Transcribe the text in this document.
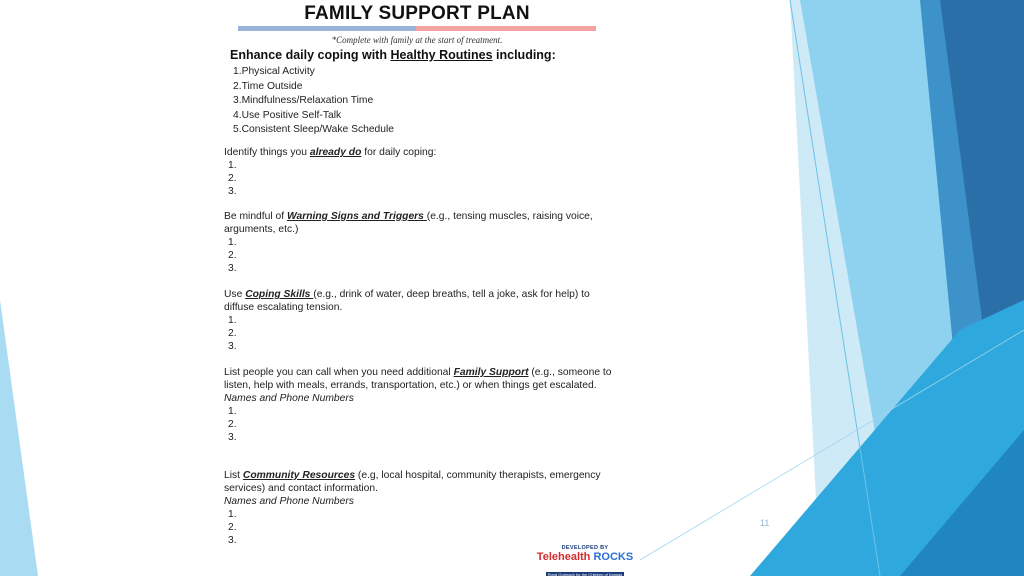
FAMILY SUPPORT PLAN
*Complete with family at the start of treatment.
Enhance daily coping with Healthy Routines including:
1.Physical Activity
2.Time Outside
3.Mindfulness/Relaxation Time
4.Use Positive Self-Talk
5.Consistent Sleep/Wake Schedule
Identify things you already do for daily coping:
1.
2.
3.
Be mindful of Warning Signs and Triggers (e.g., tensing muscles, raising voice, arguments, etc.)
1.
2.
3.
Use Coping Skills (e.g., drink of water, deep breaths, tell a joke, ask for help) to diffuse escalating tension.
1.
2.
3.
List people you can call when you need additional Family Support (e.g., someone to listen, help with meals, errands, transportation, etc.) or when things get escalated.
Names and Phone Numbers
1.
2.
3.
List Community Resources (e.g, local hospital, community therapists, emergency services) and contact information.
Names and Phone Numbers
1.
2.
3.
DEVELOPED BY
Telehealth ROCKS
Rural Outreach for the Children of Kansas
11
